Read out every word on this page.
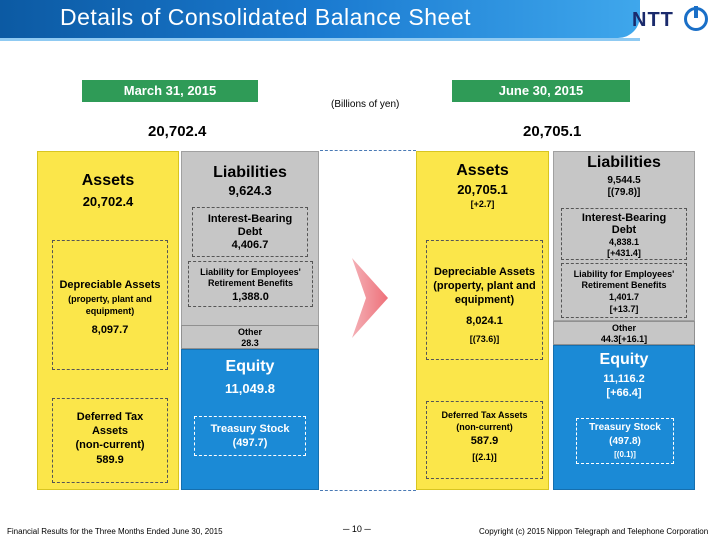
Details of Consolidated Balance Sheet	NTT
March 31, 2015	June 30, 2015
(Billions of yen)
20,702.4	20,705.1
Assets
20,702.4
Depreciable Assets
(property, plant and
equipment)
8,097.7
Deferred Tax
Assets
(non-current)
589.9
Liabilities
9,624.3
Interest-Bearing
Debt
4,406.7
Liability for Employees'
Retirement Benefits
1,388.0
Other
28.3
Equity
11,049.8
Treasury Stock
(497.7)
Assets
20,705.1
[+2.7]
Depreciable Assets
(property, plant and
equipment)
8,024.1
[(73.6)]
Deferred Tax Assets
(non-current)
587.9
[(2.1)]
Liabilities
9,544.5
[(79.8)]
Interest-Bearing
Debt
4,838.1
[+431.4]
Liability for Employees'
Retirement Benefits
1,401.7
[+13.7]
Other
44.3[+16.1]
Equity
11,116.2
[+66.4]
Treasury Stock
(497.8)
[(0.1)]
Financial Results for the Three Months Ended June 30, 2015	─ 10 ─	Copyright (c) 2015 Nippon Telegraph and Telephone Corporation
